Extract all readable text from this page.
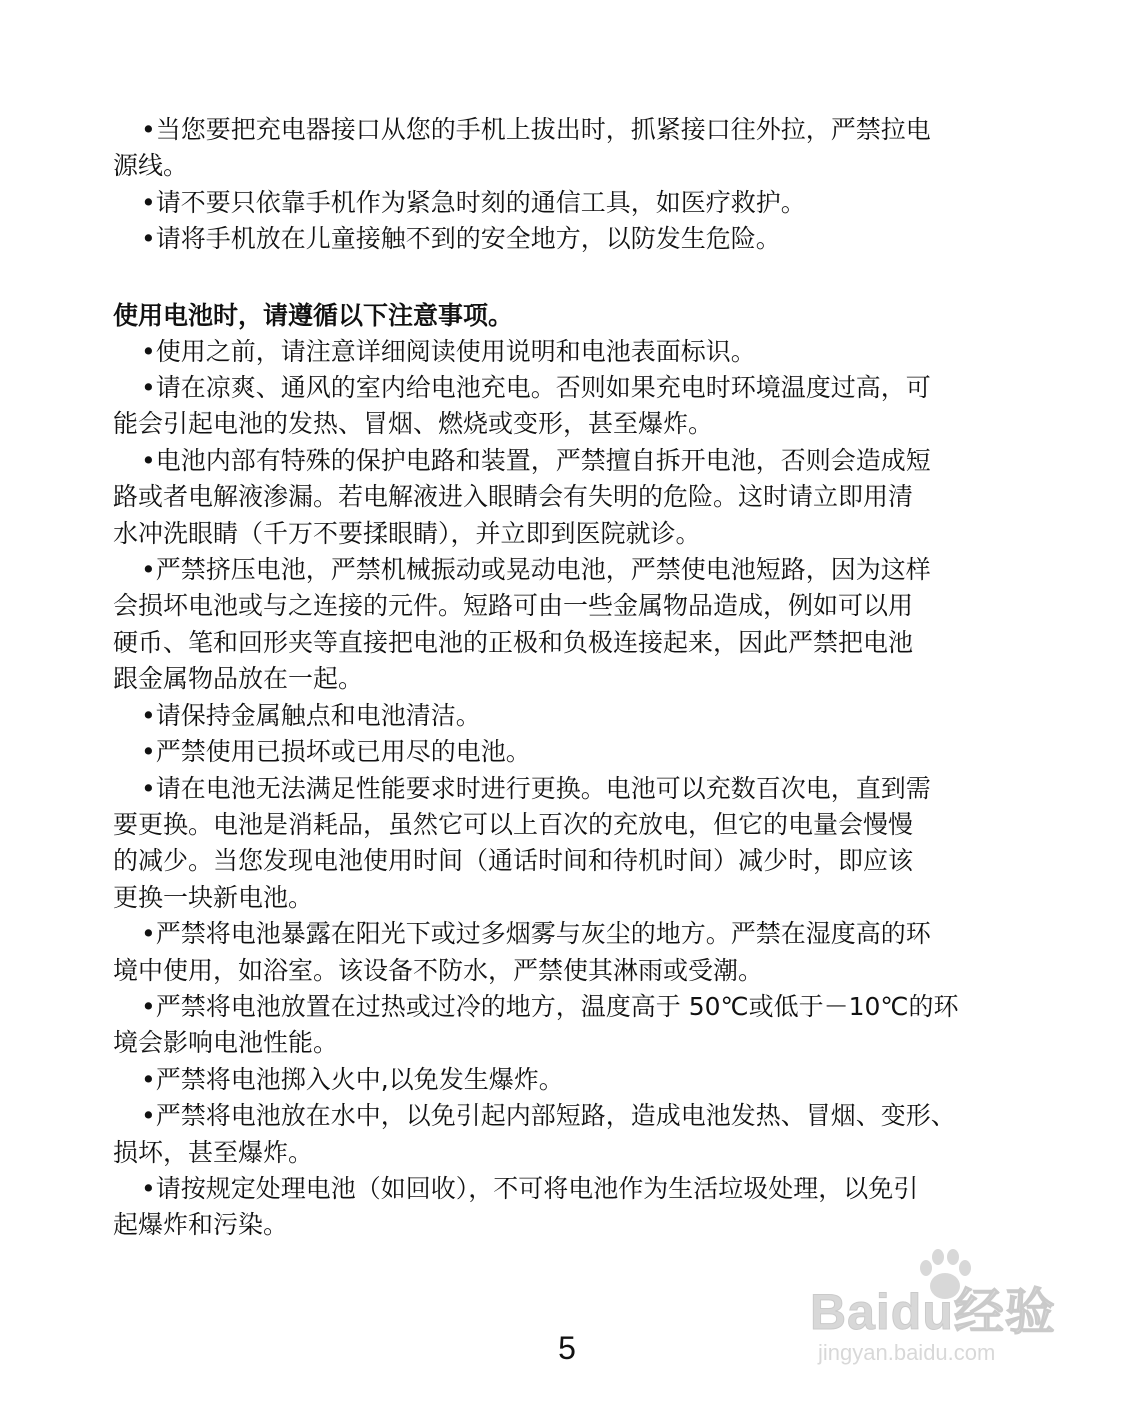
•当您要把充电器接口从您的手机上拔出时，抓紧接口往外拉，严禁拉电
源线。
•请不要只依靠手机作为紧急时刻的通信工具，如医疗救护。
•请将手机放在儿童接触不到的安全地方，以防发生危险。
使用电池时，请遵循以下注意事项。
•使用之前，请注意详细阅读使用说明和电池表面标识。
•请在凉爽、通风的室内给电池充电。否则如果充电时环境温度过高，可
能会引起电池的发热、冒烟、燃烧或变形，甚至爆炸。
•电池内部有特殊的保护电路和装置，严禁擅自拆开电池，否则会造成短
路或者电解液渗漏。若电解液进入眼睛会有失明的危险。这时请立即用清
水冲洗眼睛（千万不要揉眼睛），并立即到医院就诊。
•严禁挤压电池，严禁机械振动或晃动电池，严禁使电池短路，因为这样
会损坏电池或与之连接的元件。短路可由一些金属物品造成，例如可以用
硬币、笔和回形夹等直接把电池的正极和负极连接起来，因此严禁把电池
跟金属物品放在一起。
•请保持金属触点和电池清洁。
•严禁使用已损坏或已用尽的电池。
•请在电池无法满足性能要求时进行更换。电池可以充数百次电，直到需
要更换。电池是消耗品，虽然它可以上百次的充放电，但它的电量会慢慢
的减少。当您发现电池使用时间（通话时间和待机时间）减少时，即应该
更换一块新电池。
•严禁将电池暴露在阳光下或过多烟雾与灰尘的地方。严禁在湿度高的环
境中使用，如浴室。该设备不防水，严禁使其淋雨或受潮。
•严禁将电池放置在过热或过冷的地方，温度高于 50℃或低于－10℃的环
境会影响电池性能。
•严禁将电池掷入火中,以免发生爆炸。
•严禁将电池放在水中，以免引起内部短路，造成电池发热、冒烟、变形、
损坏，甚至爆炸。
•请按规定处理电池（如回收），不可将电池作为生活垃圾处理，以免引
起爆炸和污染。
5
Baidu经验
jingyan.baidu.com
